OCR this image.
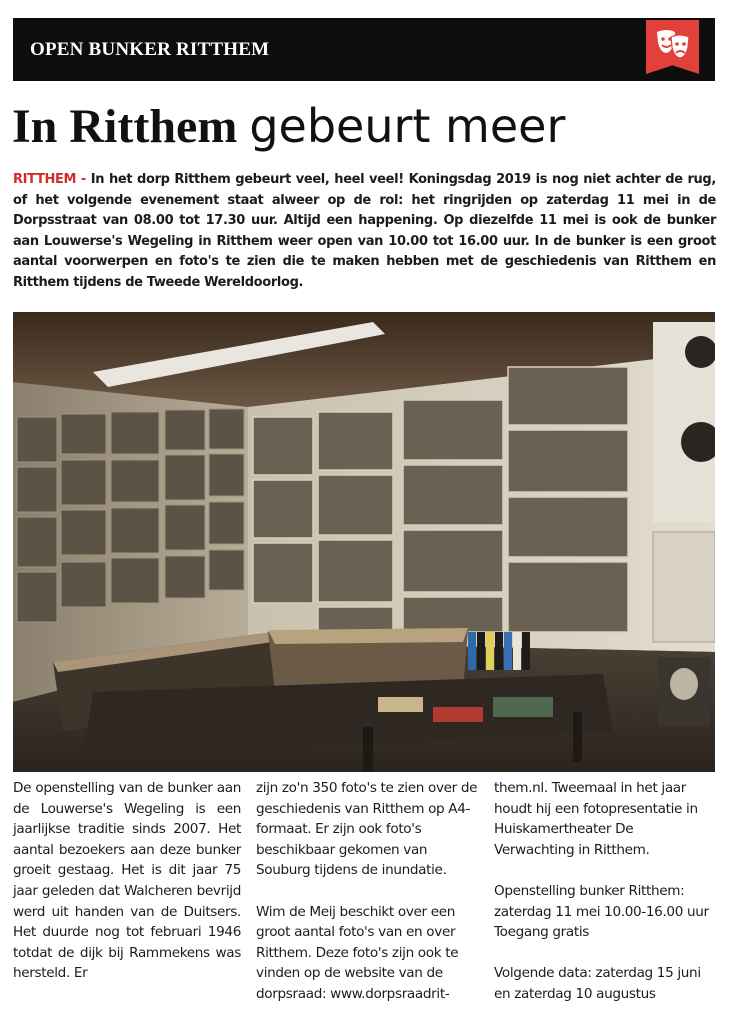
OPEN BUNKER RITTHEM
In Ritthem gebeurt meer

RITTHEM - In het dorp Ritthem gebeurt veel, heel veel! Koningsdag 2019 is nog niet achter de rug, of het volgende evenement staat alweer op de rol: het ringrijden op zaterdag 11 mei in de Dorpsstraat van 08.00 tot 17.30 uur. Altijd een happening. Op diezelfde 11 mei is ook de bunker aan Louwerse's Wegeling in Ritthem weer open van 10.00 tot 16.00 uur. In de bunker is een groot aantal voorwerpen en foto's te zien die te maken hebben met de geschiedenis van Ritthem en Ritthem tijdens de Tweede Wereldoorlog.

De openstelling van de bunker aan de Louwerse's Wegeling is een jaarlijkse traditie sinds 2007. Het aantal bezoekers aan deze bunker groeit gestaag. Het is dit jaar 75 jaar geleden dat Walcheren bevrijd werd uit handen van de Duitsers. Het duurde nog tot februari 1946 totdat de dijk bij Rammekens was hersteld. Er

zijn zo'n 350 foto's te zien over de geschiedenis van Ritthem op A4-formaat. Er zijn ook foto's beschikbaar gekomen van Souburg tijdens de inundatie.

Wim de Meij beschikt over een groot aantal foto's van en over Ritthem. Deze foto's zijn ook te vinden op de website van de dorpsraad: www.dorpsraadrit-

them.nl. Tweemaal in het jaar houdt hij een fotopresentatie in Huiskamertheater De Verwachting in Ritthem.

Openstelling bunker Ritthem: zaterdag 11 mei 10.00-16.00 uur Toegang gratis

Volgende data: zaterdag 15 juni en zaterdag 10 augustus
